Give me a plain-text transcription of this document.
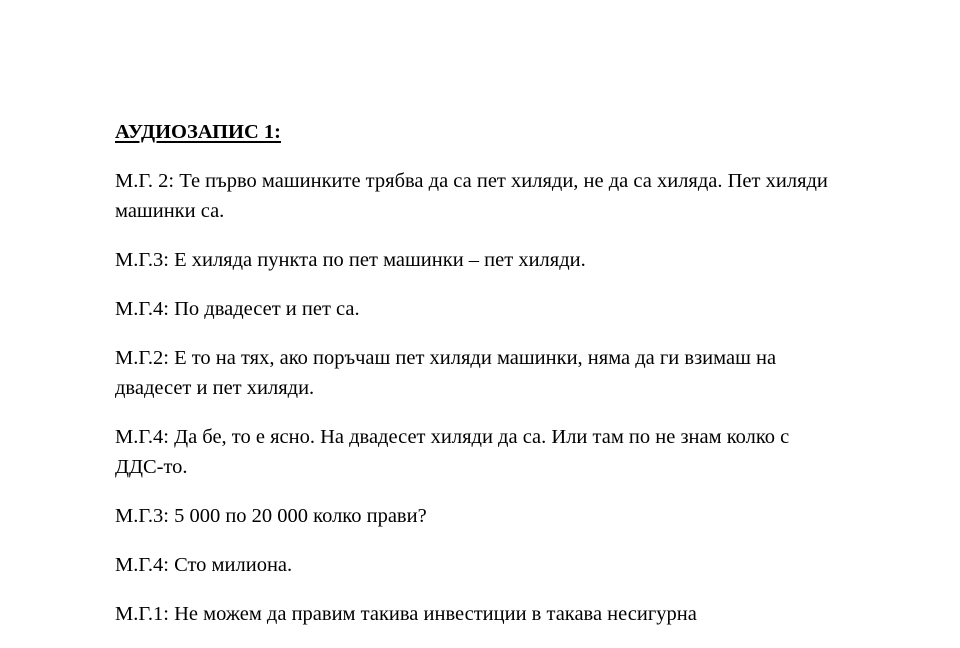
АУДИОЗАПИС 1:

М.Г. 2: Те първо машинките трябва да са пет хиляди, не да са хиляда. Пет хиляди машинки са.

М.Г.3: Е хиляда пункта по пет машинки – пет хиляди.

М.Г.4: По двадесет и пет са.

М.Г.2: Е то на тях, ако поръчаш пет хиляди машинки, няма да ги взимаш на двадесет и пет хиляди.

М.Г.4: Да бе, то е ясно. На двадесет хиляди да са. Или там по не знам колко с ДДС-то.

М.Г.3: 5 000 по 20 000 колко прави?

М.Г.4: Сто милиона.

М.Г.1: Не можем да правим такива инвестиции в такава несигурна
